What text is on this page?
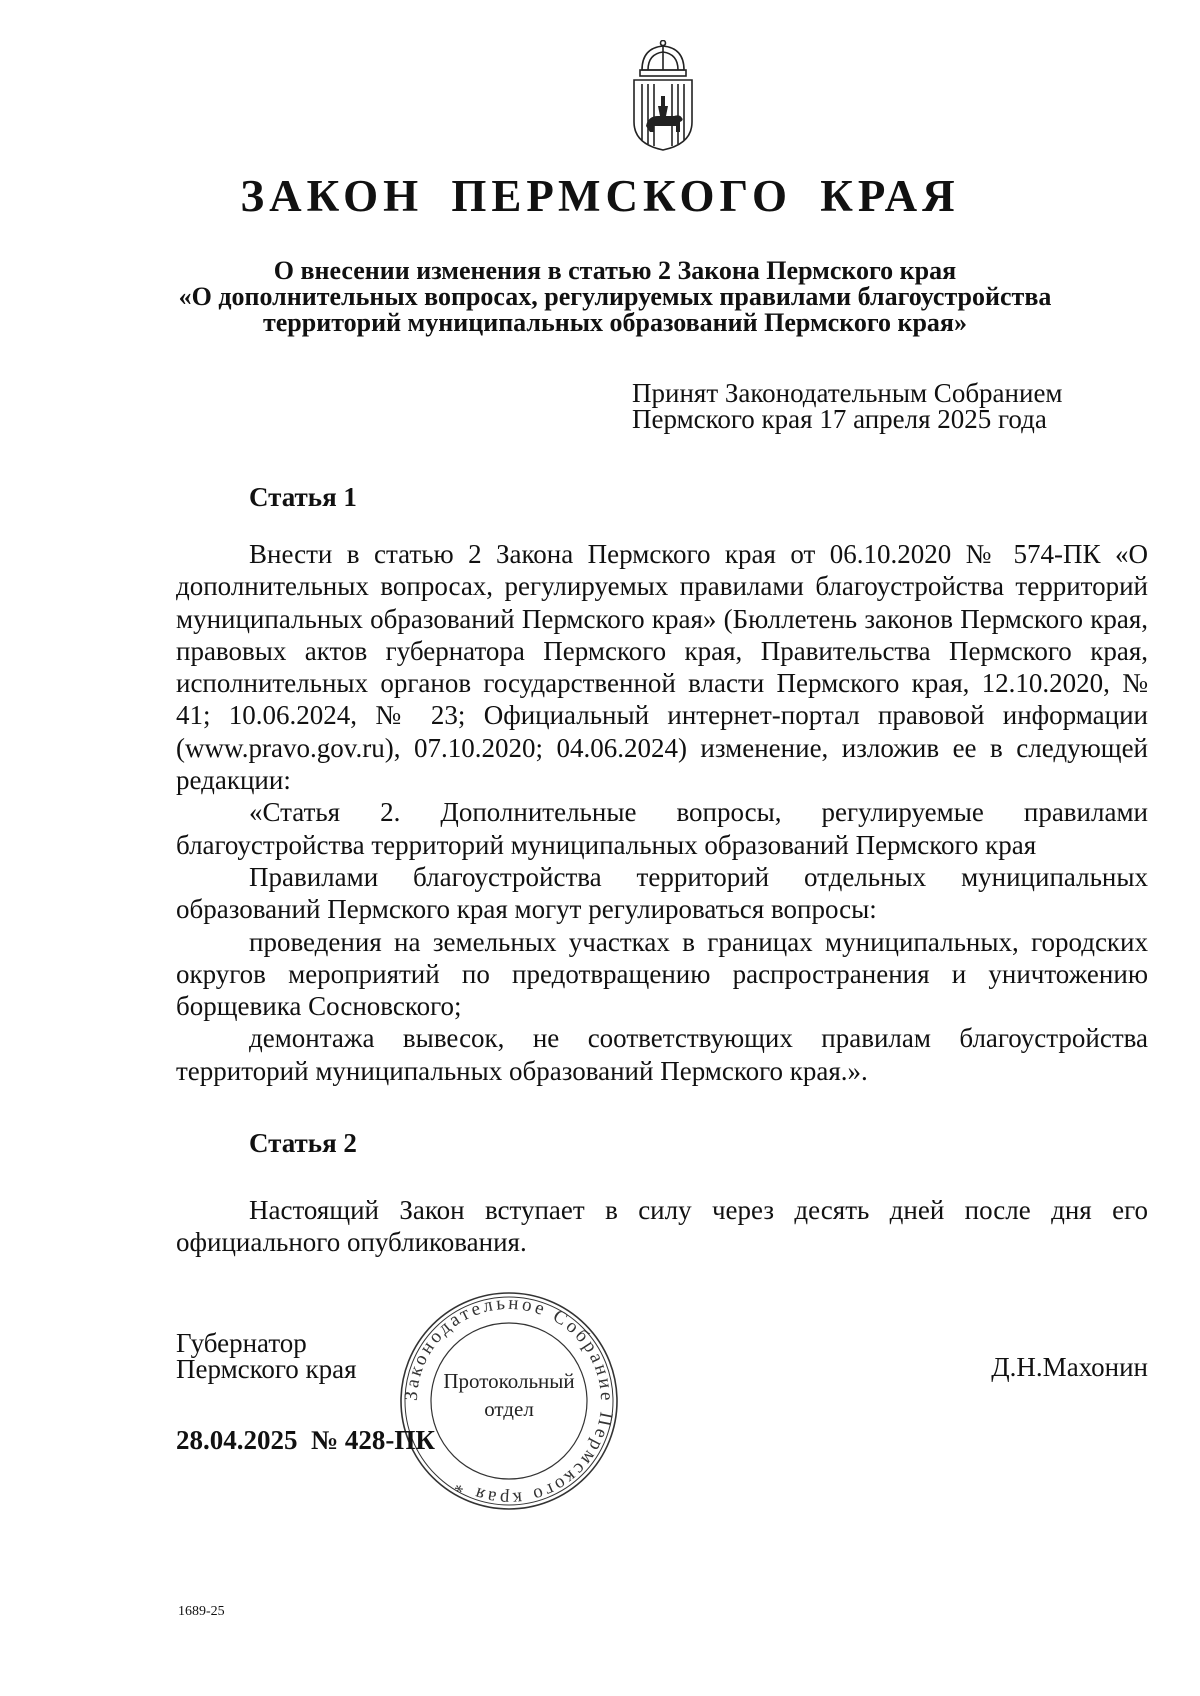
ЗАКОН ПЕРМСКОГО КРАЯ
О внесении изменения в статью 2 Закона Пермского края
«О дополнительных вопросах, регулируемых правилами благоустройства
территорий муниципальных образований Пермского края»
Принят Законодательным Собранием
Пермского края 17 апреля 2025 года
Статья 1

Внести в статью 2 Закона Пермского края от 06.10.2020 № 574-ПК «О дополнительных вопросах, регулируемых правилами благоустройства территорий муниципальных образований Пермского края» (Бюллетень законов Пермского края, правовых актов губернатора Пермского края, Правительства Пермского края, исполнительных органов государственной власти Пермского края, 12.10.2020, № 41; 10.06.2024, № 23; Официальный интернет-портал правовой информации (www.pravo.gov.ru), 07.10.2020; 04.06.2024) изменение, изложив ее в следующей редакции:

«Статья 2. Дополнительные вопросы, регулируемые правилами благоустройства территорий муниципальных образований Пермского края

Правилами благоустройства территорий отдельных муниципальных образований Пермского края могут регулироваться вопросы:

проведения на земельных участках в границах муниципальных, городских округов мероприятий по предотвращению распространения и уничтожению борщевика Сосновского;

демонтажа вывесок, не соответствующих правилам благоустройства территорий муниципальных образований Пермского края.».

Статья 2

Настоящий Закон вступает в силу через десять дней после дня его официального опубликования.

Законодательное Собрание Пермского края *
Протокольный
отдел
Губернатор
Пермского края	Д.Н.Махонин
28.04.2025  № 428-ПК
1689-25
